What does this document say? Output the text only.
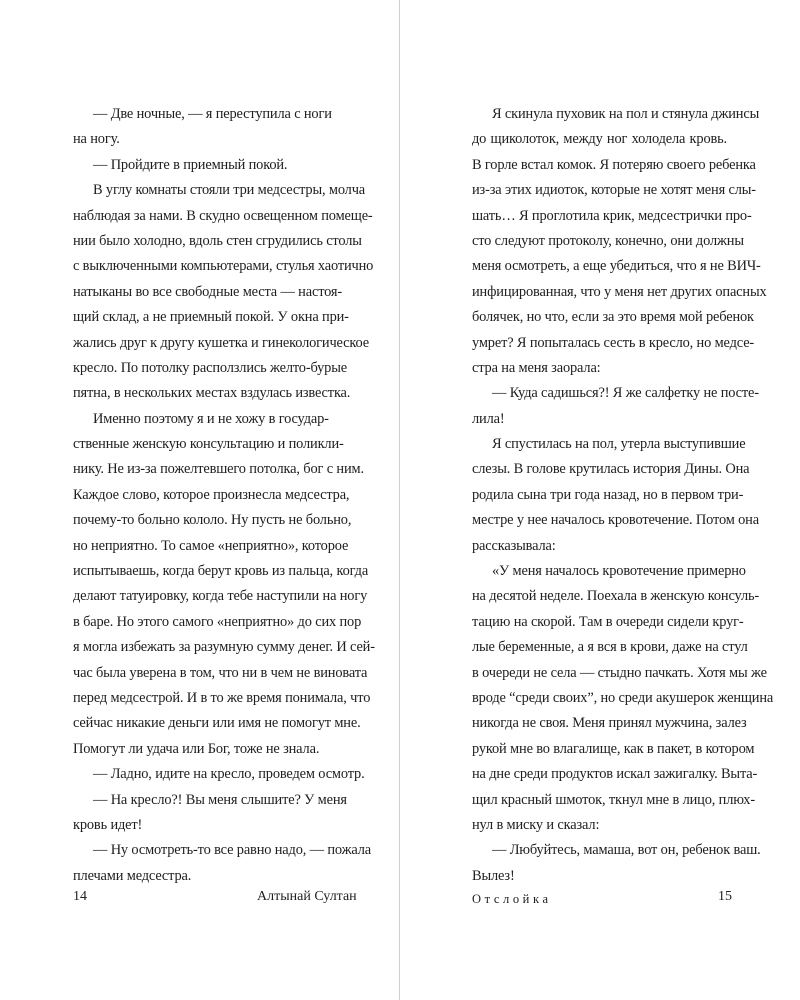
— Две ночные, — я переступила с ноги
на ногу.
— Пройдите в приемный покой.
В углу комнаты стояли три медсестры, молча
наблюдая за нами. В скудно освещенном помеще-
нии было холодно, вдоль стен сгрудились столы
с выключенными компьютерами, стулья хаотично
натыканы во все свободные места — настоя-
щий склад, а не приемный покой. У окна при-
жались друг к другу кушетка и гинекологическое
кресло. По потолку расползлись желто-бурые
пятна, в нескольких местах вздулась известка.
Именно поэтому я и не хожу в государ-
ственные женскую консультацию и поликли-
нику. Не из-за пожелтевшего потолка, бог с ним.
Каждое слово, которое произнесла медсестра,
почему-то больно кололо. Ну пусть не больно,
но неприятно. То самое «неприятно», которое
испытываешь, когда берут кровь из пальца, когда
делают татуировку, когда тебе наступили на ногу
в баре. Но этого самого «неприятно» до сих пор
я могла избежать за разумную сумму денег. И сей-
час была уверена в том, что ни в чем не виновата
перед медсестрой. И в то же время понимала, что
сейчас никакие деньги или имя не помогут мне.
Помогут ли удача или Бог, тоже не знала.
— Ладно, идите на кресло, проведем осмотр.
— На кресло?! Вы меня слышите? У меня
кровь идет!
— Ну осмотреть-то все равно надо, — пожала
плечами медсестра.
14	Алтынай Султан
Я скинула пуховик на пол и стянула джинсы
до щиколоток, между ног холодела кровь.
В горле встал комок. Я потеряю своего ребенка
из-за этих идиоток, которые не хотят меня слы-
шать… Я проглотила крик, медсестрички про-
сто следуют протоколу, конечно, они должны
меня осмотреть, а еще убедиться, что я не ВИЧ-
инфицированная, что у меня нет других опасных
болячек, но что, если за это время мой ребенок
умрет? Я попыталась сесть в кресло, но медсе-
стра на меня заорала:
— Куда садишься?! Я же салфетку не постe-
лила!
Я спустилась на пол, утерла выступившие
слезы. В голове крутилась история Дины. Она
родила сына три года назад, но в первом три-
местре у нее началось кровотечение. Потом она
рассказывала:
«У меня началось кровотечение примерно
на десятой неделе. Поехала в женскую консуль-
тацию на скорой. Там в очереди сидели круг-
лые беременные, а я вся в крови, даже на стул
в очереди не села — стыдно пачкать. Хотя мы же
вроде “среди своих”, но среди акушерок женщина
никогда не своя. Меня принял мужчина, залез
рукой мне во влагалище, как в пакет, в котором
на дне среди продуктов искал зажигалку. Выта-
щил красный шмоток, ткнул мне в лицо, плюх-
нул в миску и сказал:
— Любуйтесь, мамаша, вот он, ребенок ваш.
Вылез!
Отслойка	15
